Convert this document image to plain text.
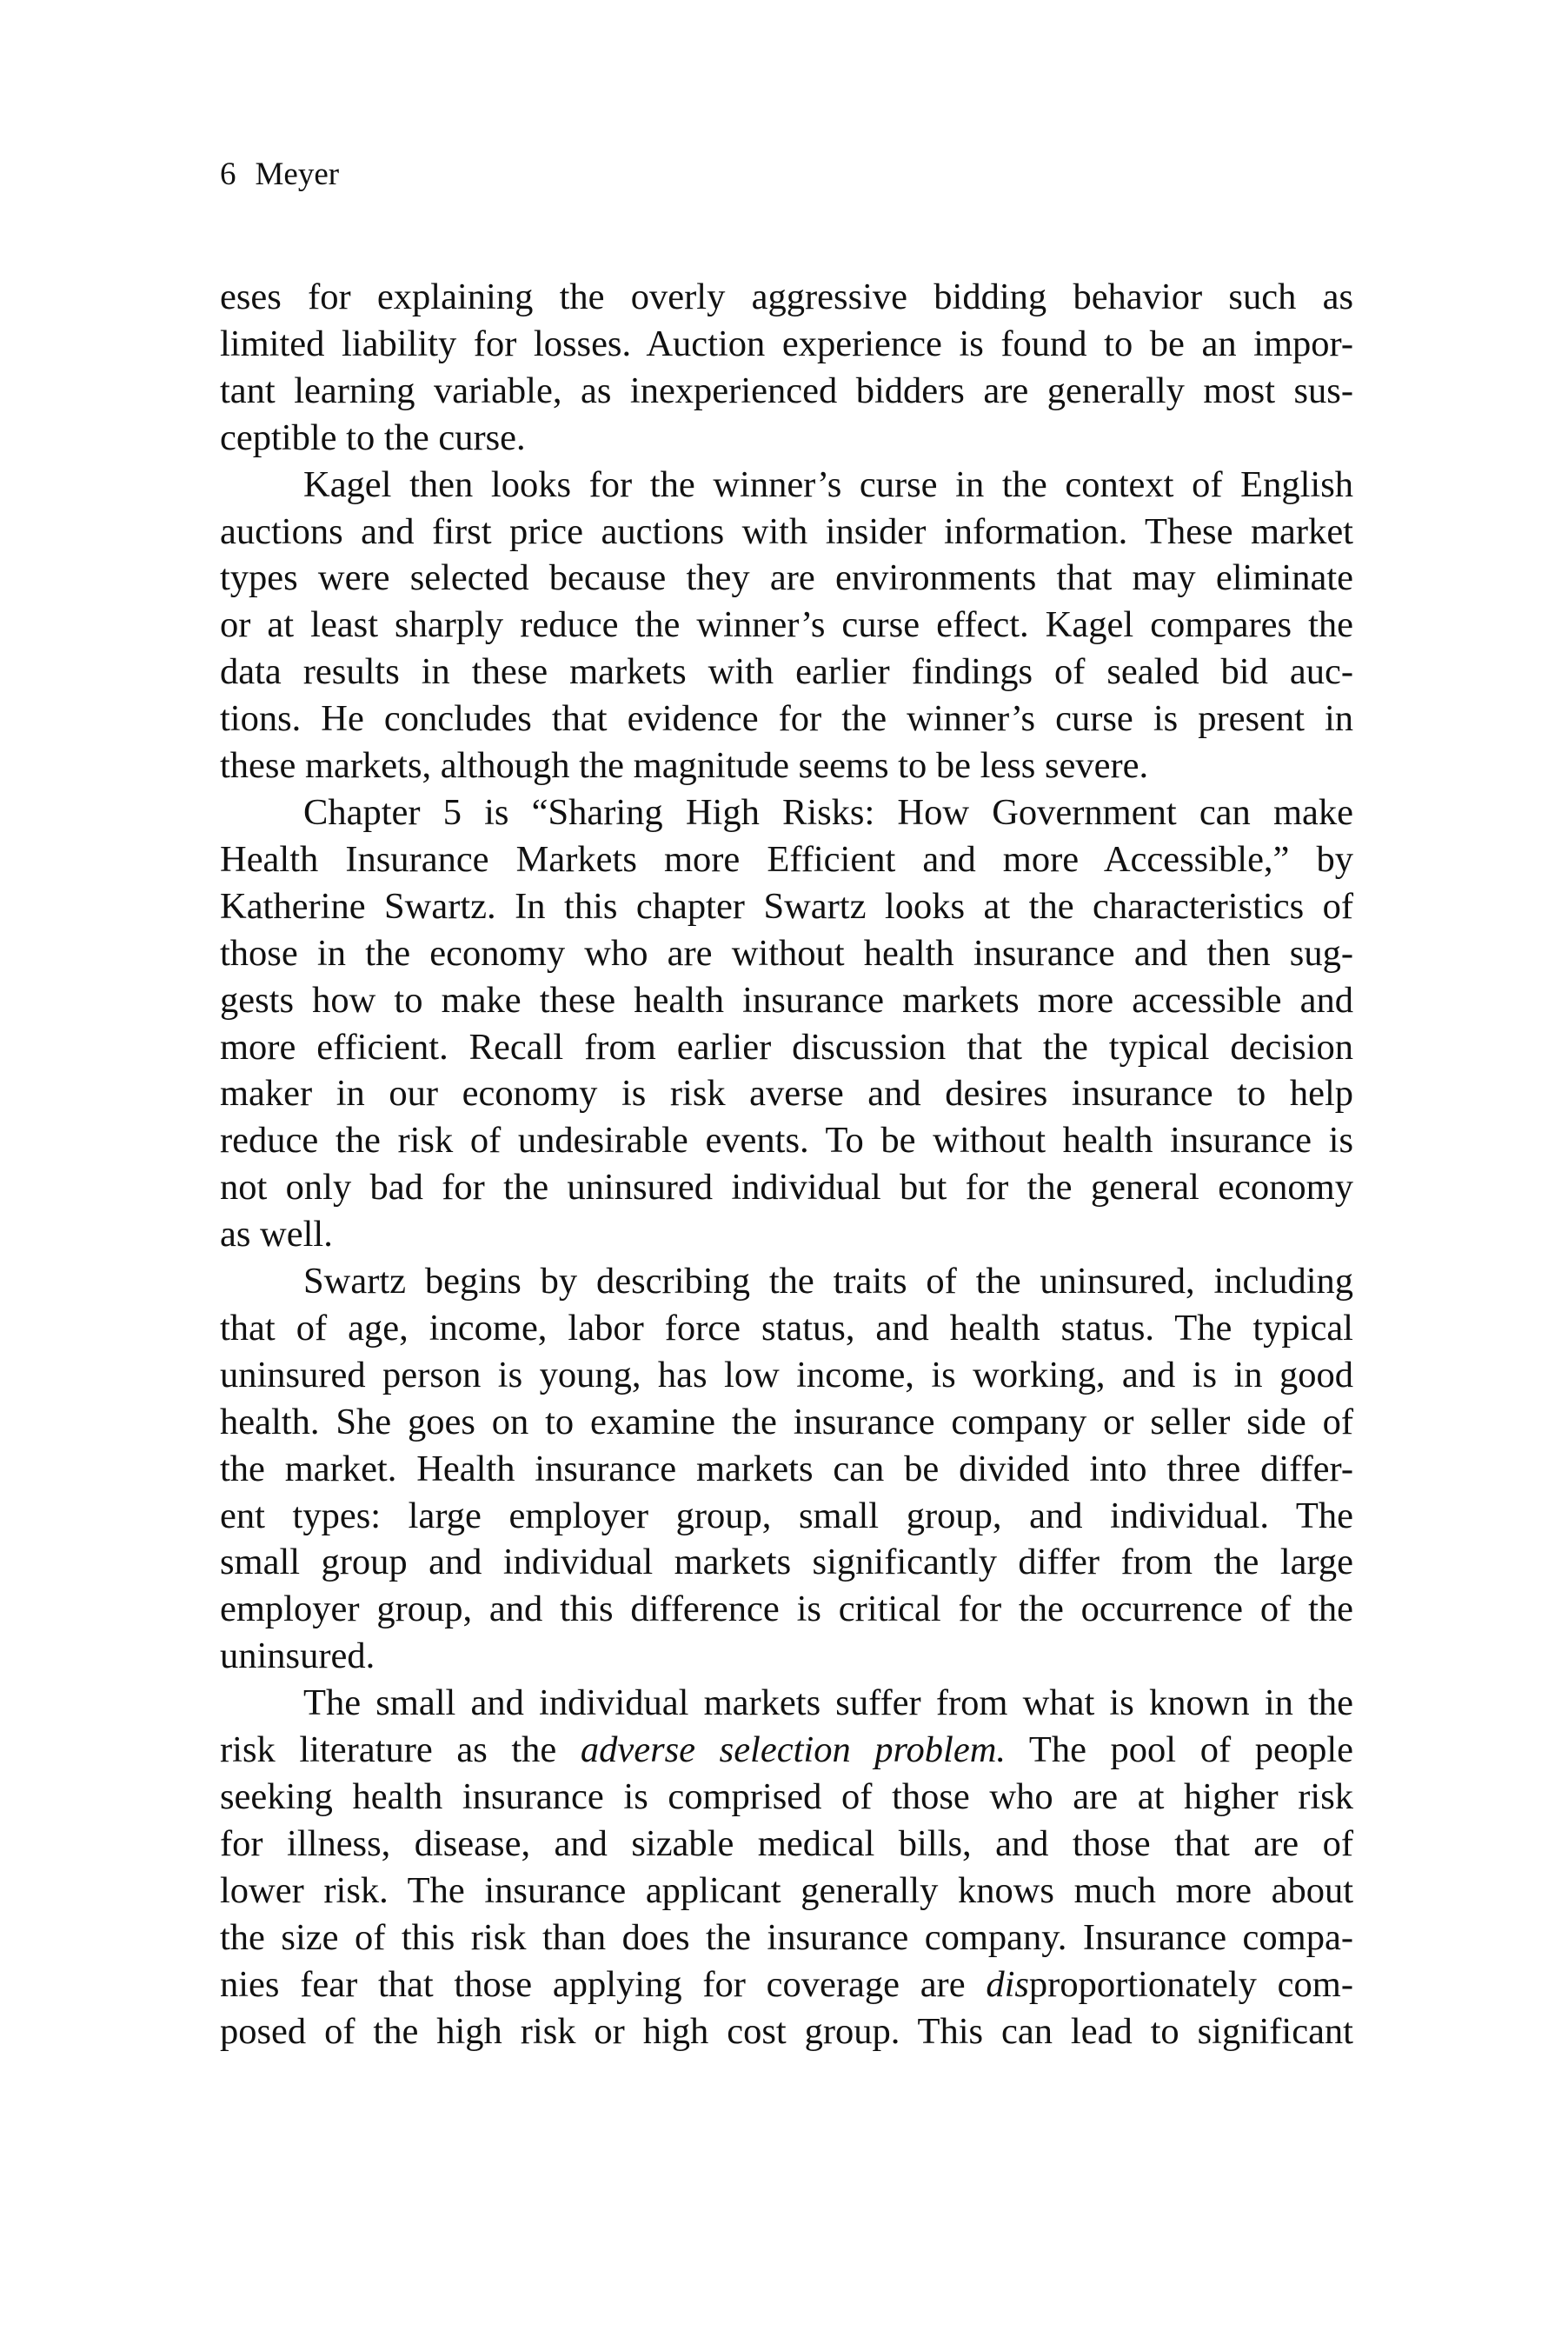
6 Meyer

eses for explaining the overly aggressive bidding behavior such as
limited liability for losses. Auction experience is found to be an impor-
tant learning variable, as inexperienced bidders are generally most sus-
ceptible to the curse.

Kagel then looks for the winner’s curse in the context of English
auctions and first price auctions with insider information. These market
types were selected because they are environments that may eliminate
or at least sharply reduce the winner’s curse effect. Kagel compares the
data results in these markets with earlier findings of sealed bid auc-
tions. He concludes that evidence for the winner’s curse is present in
these markets, although the magnitude seems to be less severe.

Chapter 5 is “Sharing High Risks: How Government can make
Health Insurance Markets more Efficient and more Accessible,” by
Katherine Swartz. In this chapter Swartz looks at the characteristics of
those in the economy who are without health insurance and then sug-
gests how to make these health insurance markets more accessible and
more efficient. Recall from earlier discussion that the typical decision
maker in our economy is risk averse and desires insurance to help
reduce the risk of undesirable events. To be without health insurance is
not only bad for the uninsured individual but for the general economy
as well.

Swartz begins by describing the traits of the uninsured, including
that of age, income, labor force status, and health status. The typical
uninsured person is young, has low income, is working, and is in good
health. She goes on to examine the insurance company or seller side of
the market. Health insurance markets can be divided into three differ-
ent types: large employer group, small group, and individual. The
small group and individual markets significantly differ from the large
employer group, and this difference is critical for the occurrence of the
uninsured.

The small and individual markets suffer from what is known in the
risk literature as the adverse selection problem. The pool of people
seeking health insurance is comprised of those who are at higher risk
for illness, disease, and sizable medical bills, and those that are of
lower risk. The insurance applicant generally knows much more about
the size of this risk than does the insurance company. Insurance compa-
nies fear that those applying for coverage are disproportionately com-
posed of the high risk or high cost group. This can lead to significant
